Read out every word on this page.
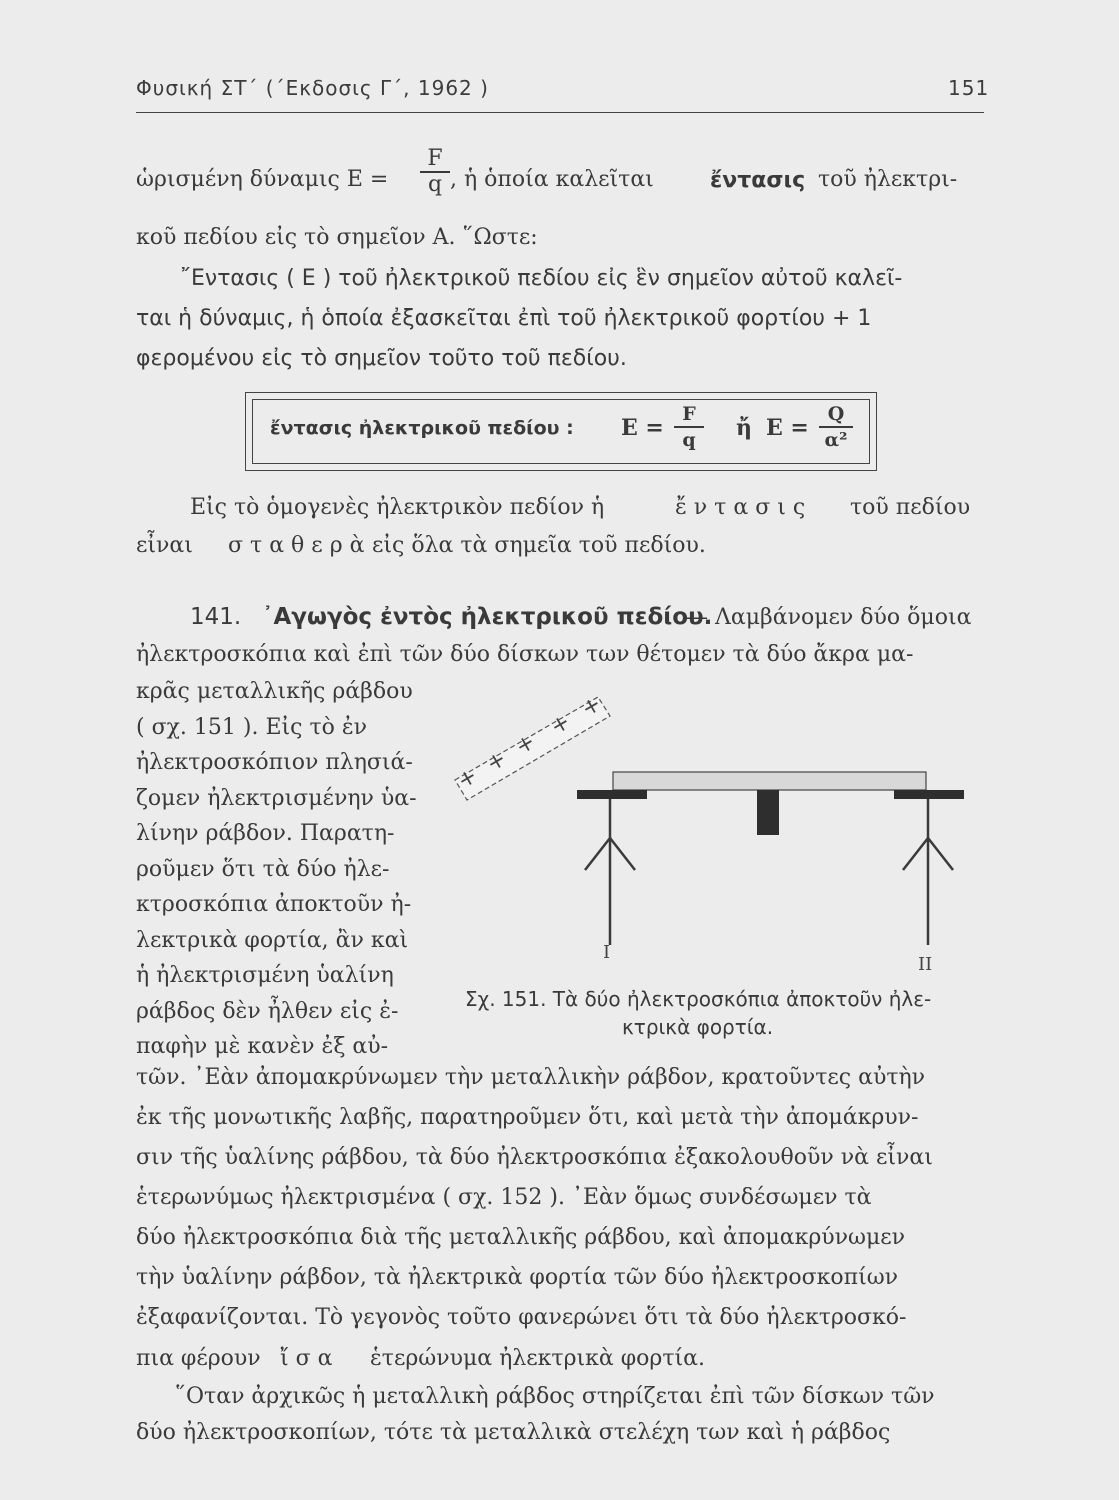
Φυσική ΣΤ΄ (΄Εκδοσις Γ΄, 1962 )	151
ὡρισμένη δύναμις E =
F
q , ἡ ὁποία καλεῖται	ἔντασις τοῦ ἠλεκτρι-
κοῦ πεδίου εἰς τὸ σημεῖον Α. ῞Ωστε:
῎Εντασις ( E ) τοῦ ἠλεκτρικοῦ πεδίου εἰς ἓν σημεῖον αὐτοῦ καλεῖ-
ται ἡ δύναμις, ἡ ὁποία ἐξασκεῖται ἐπὶ τοῦ ἠλεκτρικοῦ φορτίου + 1
φερομένου εἰς τὸ σημεῖον τοῦτο τοῦ πεδίου.
ἔντασις ἠλεκτρικοῦ πεδίου : E =
F
q	ἤ E =
Q
α²
Εἰς τὸ ὁμογενὲς ἠλεκτρικὸν πεδίον ἡ	ἔντασις τοῦ πεδίου
εἶναι σταθερὰ εἰς ὅλα τὰ σημεῖα τοῦ πεδίου.
141. ᾿Αγωγὸς ἐντὸς ἠλεκτρικοῦ πεδίου.
— Λαμβάνομεν δύο ὅμοια
ἠλεκτροσκόπια καὶ ἐπὶ τῶν δύο δίσκων των θέτομεν τὰ δύο ἄκρα μα-
κρᾶς μεταλλικῆς ράβδου
( σχ. 151 ). Εἰς τὸ ἐν
ἠλεκτροσκόπιον πλησιά-
ζομεν ἠλεκτρισμένην ὑα-
λίνην ράβδον. Παρατη-
ροῦμεν ὅτι τὰ δύο ἠλε-
κτροσκόπια ἀποκτοῦν ἠ-
λεκτρικὰ φορτία, ἂν καὶ
ἡ ἠλεκτρισμένη ὑαλίνη
ράβδος δὲν ἦλθεν εἰς ἐ-
παφὴν μὲ κανὲν ἐξ αὐ-
τῶν. ᾿Εὰν ἀπομακρύνωμεν τὴν μεταλλικὴν ράβδον, κρατοῦντες αὐτὴν
ἐκ τῆς μονωτικῆς λαβῆς, παρατηροῦμεν ὅτι, καὶ μετὰ τὴν ἀπομάκρυν-
σιν τῆς ὑαλίνης ράβδου, τὰ δύο ἠλεκτροσκόπια ἐξακολουθοῦν νὰ εἶναι
ἑτερωνύμως ἠλεκτρισμένα ( σχ. 152 ). ᾿Εὰν ὅμως συνδέσωμεν τὰ
δύο ἠλεκτροσκόπια διὰ τῆς μεταλλικῆς ράβδου, καὶ ἀπομακρύνωμεν
τὴν ὑαλίνην ράβδον, τὰ ἠλεκτρικὰ φορτία τῶν δύο ἠλεκτροσκοπίων
ἐξαφανίζονται. Τὸ γεγονὸς τοῦτο φανερώνει ὅτι τὰ δύο ἠλεκτροσκό-
πια φέρουν ἴσα ἑτερώνυμα ἠλεκτρικὰ φορτία.
῞Οταν ἀρχικῶς ἡ μεταλλικὴ ράβδος στηρίζεται ἐπὶ τῶν δίσκων τῶν
δύο ἠλεκτροσκοπίων, τότε τὰ μεταλλικὰ στελέχη των καὶ ἡ ράβδος
+
+
+
+
+
I
II
Σχ. 151. Τὰ δύο ἠλεκτροσκόπια ἀποκτοῦν ἠλε-
κτρικὰ φορτία.
